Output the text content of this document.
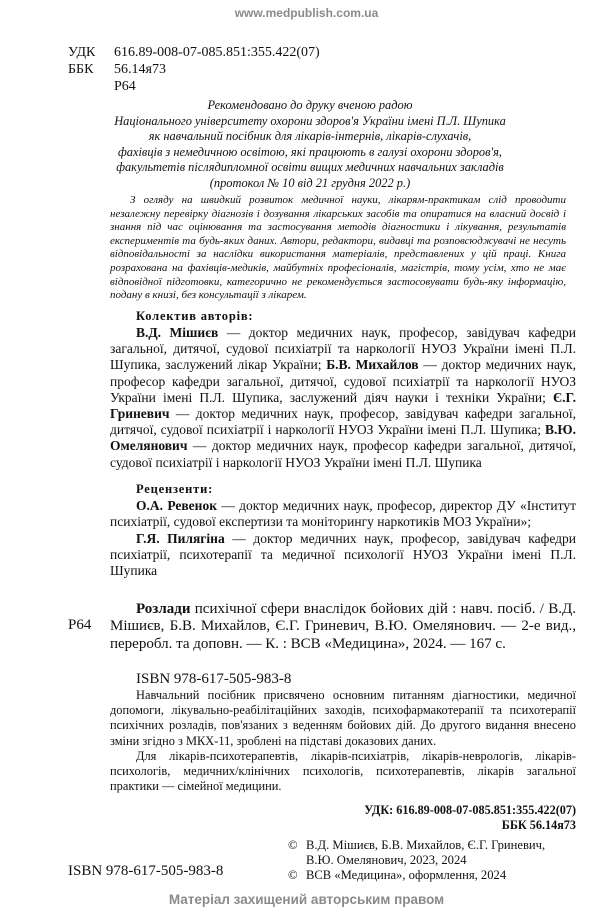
www.medpublish.com.ua
УДК	616.89-008-07-085.851:355.422(07)
ББК	56.14я73
Р64
Рекомендовано до друку вченою радою
Національного університету охорони здоров'я України імені П.Л. Шупика
як навчальний посібник для лікарів-інтернів, лікарів-слухачів,
фахівців з немедичною освітою, які працюють в галузі охорони здоров'я,
факультетів післядипломної освіти вищих медичних навчальних закладів
(протокол № 10 від 21 грудня 2022 р.)
З огляду на швидкий розвиток медичної науки, лікарям-практикам слід проводити незалежну перевірку діагнозів і дозування лікарських засобів та опиратися на власний досвід і знання під час оцінювання та застосування методів діагностики і лікування, результатів експериментів та будь-яких даних. Автори, редактори, видавці та розповсюджувачі не несуть відповідальності за наслідки використання матеріалів, представлених у цій праці. Книга розрахована на фахівців-медиків, майбутніх професіоналів, магістрів, тому усім, хто не має відповідної підготовки, категорично не рекомендується застосовувати будь-яку інформацію, подану в книзі, без консультації з лікарем.
Колектив авторів:
В.Д. Мішиєв — доктор медичних наук, професор, завідувач кафедри загальної, дитячої, судової психіатрії та наркології НУОЗ України імені П.Л. Шупика, заслужений лікар України; Б.В. Михайлов — доктор медичних наук, професор кафедри загальної, дитячої, судової психіатрії та наркології НУОЗ України імені П.Л. Шупика, заслужений діяч науки і техніки України; Є.Г. Гриневич — доктор медичних наук, професор, завідувач кафедри загальної, дитячої, судової психіатрії і наркології НУОЗ України імені П.Л. Шупика; В.Ю. Омелянович — доктор медичних наук, професор кафедри загальної, дитячої, судової психіатрії і наркології НУОЗ України імені П.Л. Шупика
Рецензенти:
О.А. Ревенок — доктор медичних наук, професор, директор ДУ «Інститут психіатрії, судової експертизи та моніторингу наркотиків МОЗ України»;
Г.Я. Пилягіна — доктор медичних наук, професор, завідувач кафедри психіатрії, психотерапії та медичної психології НУОЗ України імені П.Л. Шупика
Р64
Розлади психічної сфери внаслідок бойових дій : навч. посіб. / В.Д. Мішиєв, Б.В. Михайлов, Є.Г. Гриневич, В.Ю. Омелянович. — 2-е вид., переробл. та доповн. — К. : ВСВ «Медицина», 2024. — 167 с.
ISBN 978-617-505-983-8

Навчальний посібник присвячено основним питанням діагностики, медичної допомоги, лікувально-реабілітаційних заходів, психофармакотерапії та психотерапії психічних розладів, пов'язаних з веденням бойових дій. До другого видання внесено зміни згідно з МКХ-11, зроблені на підставі доказових даних.

Для лікарів-психотерапевтів, лікарів-психіатрів, лікарів-неврологів, лікарів-психологів, медичних/клінічних психологів, психотерапевтів, лікарів загальної практики — сімейної медицини.

УДК: 616.89-008-07-085.851:355.422(07)
ББК 56.14я73
© В.Д. Мішиєв, Б.В. Михайлов, Є.Г. Гриневич,
В.Ю. Омелянович, 2023, 2024
© ВСВ «Медицина», оформлення, 2024
ISBN 978-617-505-983-8
Матеріал захищений авторським правом
